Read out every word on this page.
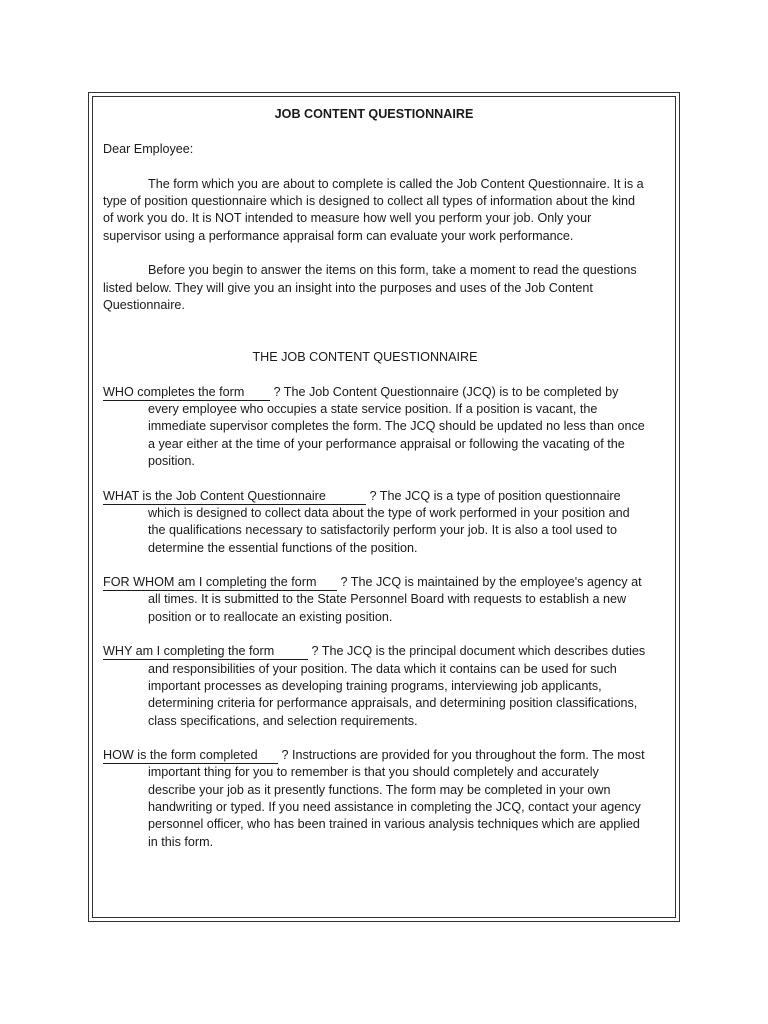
JOB CONTENT QUESTIONNAIRE

Dear Employee:

The form which you are about to complete is called the Job Content Questionnaire. It is a type of position questionnaire which is designed to collect all types of information about the kind of work you do. It is NOT intended to measure how well you perform your job. Only your supervisor using a performance appraisal form can evaluate your work performance.

Before you begin to answer the items on this form, take a moment to read the questions listed below. They will give you an insight into the purposes and uses of the Job Content Questionnaire.

THE JOB CONTENT QUESTIONNAIRE

WHO completes the form ? The Job Content Questionnaire (JCQ) is to be completed by every employee who occupies a state service position. If a position is vacant, the immediate supervisor completes the form. The JCQ should be updated no less than once a year either at the time of your performance appraisal or following the vacating of the position.

WHAT is the Job Content Questionnaire	? The JCQ is a type of position questionnaire which is designed to collect data about the type of work performed in your position and the qualifications necessary to satisfactorily perform your job. It is also a tool used to determine the essential functions of the position.

FOR WHOM am I completing the form ? The JCQ is maintained by the employee's agency at all times. It is submitted to the State Personnel Board with requests to establish a new position or to reallocate an existing position.

WHY am I completing the form	? The JCQ is the principal document which describes duties and responsibilities of your position. The data which it contains can be used for such important processes as developing training programs, interviewing job applicants, determining criteria for performance appraisals, and determining position classifications, class specifications, and selection requirements.

HOW is the form completed ? Instructions are provided for you throughout the form. The most important thing for you to remember is that you should completely and accurately describe your job as it presently functions. The form may be completed in your own handwriting or typed. If you need assistance in completing the JCQ, contact your agency personnel officer, who has been trained in various analysis techniques which are applied in this form.
